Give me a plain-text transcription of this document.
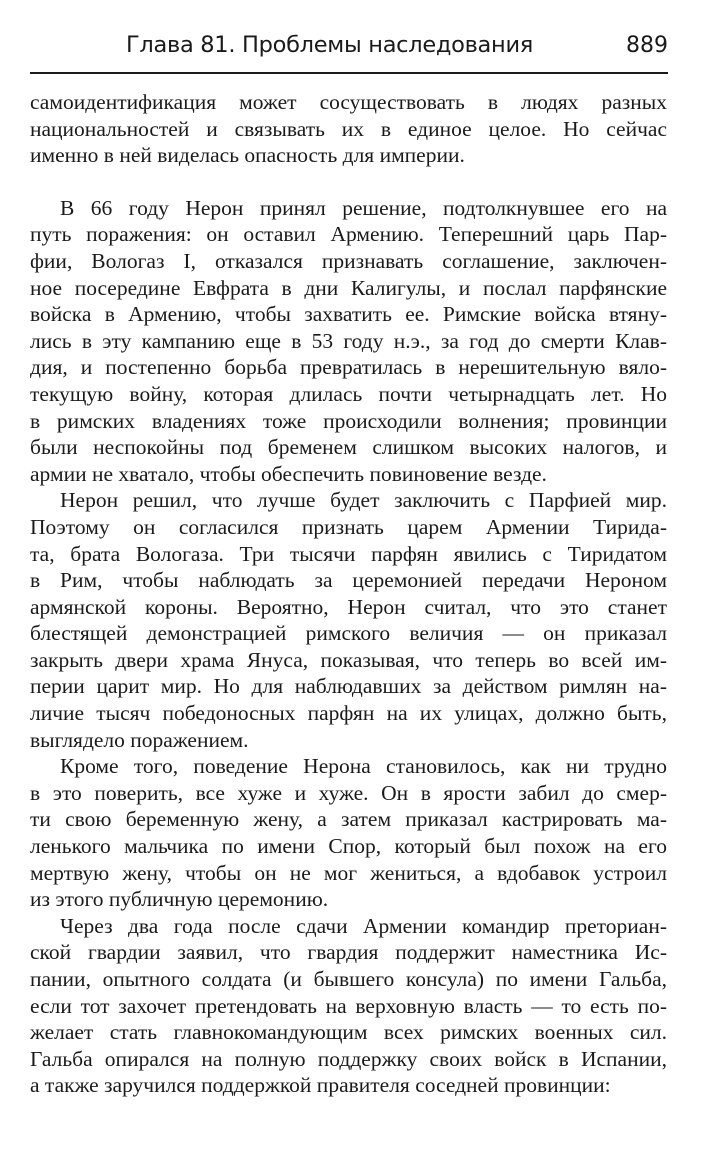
Глава 81. Проблемы наследования	889
самоидентификация может сосуществовать в людях разных
национальностей и связывать их в единое целое. Но сейчас
именно в ней виделась опасность для империи.
В 66 году Нерон принял решение, подтолкнувшее его на
путь поражения: он оставил Армению. Теперешний царь Пар-
фии, Вологаз I, отказался признавать соглашение, заключен-
ное посередине Евфрата в дни Калигулы, и послал парфянские
войска в Армению, чтобы захватить ее. Римские войска втяну-
лись в эту кампанию еще в 53 году н.э., за год до смерти Клав-
дия, и постепенно борьба превратилась в нерешительную вяло-
текущую войну, которая длилась почти четырнадцать лет. Но
в римских владениях тоже происходили волнения; провинции
были неспокойны под бременем слишком высоких налогов, и
армии не хватало, чтобы обеспечить повиновение везде.
Нерон решил, что лучше будет заключить с Парфией мир.
Поэтому он согласился признать царем Армении Тирида-
та, брата Вологаза. Три тысячи парфян явились с Тиридатом
в Рим, чтобы наблюдать за церемонией передачи Нероном
армянской короны. Вероятно, Нерон считал, что это станет
блестящей демонстрацией римского величия — он приказал
закрыть двери храма Януса, показывая, что теперь во всей им-
перии царит мир. Но для наблюдавших за действом римлян на-
личие тысяч победоносных парфян на их улицах, должно быть,
выглядело поражением.
Кроме того, поведение Нерона становилось, как ни трудно
в это поверить, все хуже и хуже. Он в ярости забил до смер-
ти свою беременную жену, а затем приказал кастрировать ма-
ленького мальчика по имени Спор, который был похож на его
мертвую жену, чтобы он не мог жениться, а вдобавок устроил
из этого публичную церемонию.
Через два года после сдачи Армении командир преториан-
ской гвардии заявил, что гвардия поддержит наместника Ис-
пании, опытного солдата (и бывшего консула) по имени Гальба,
если тот захочет претендовать на верховную власть — то есть по-
желает стать главнокомандующим всех римских военных сил.
Гальба опирался на полную поддержку своих войск в Испании,
а также заручился поддержкой правителя соседней провинции:
